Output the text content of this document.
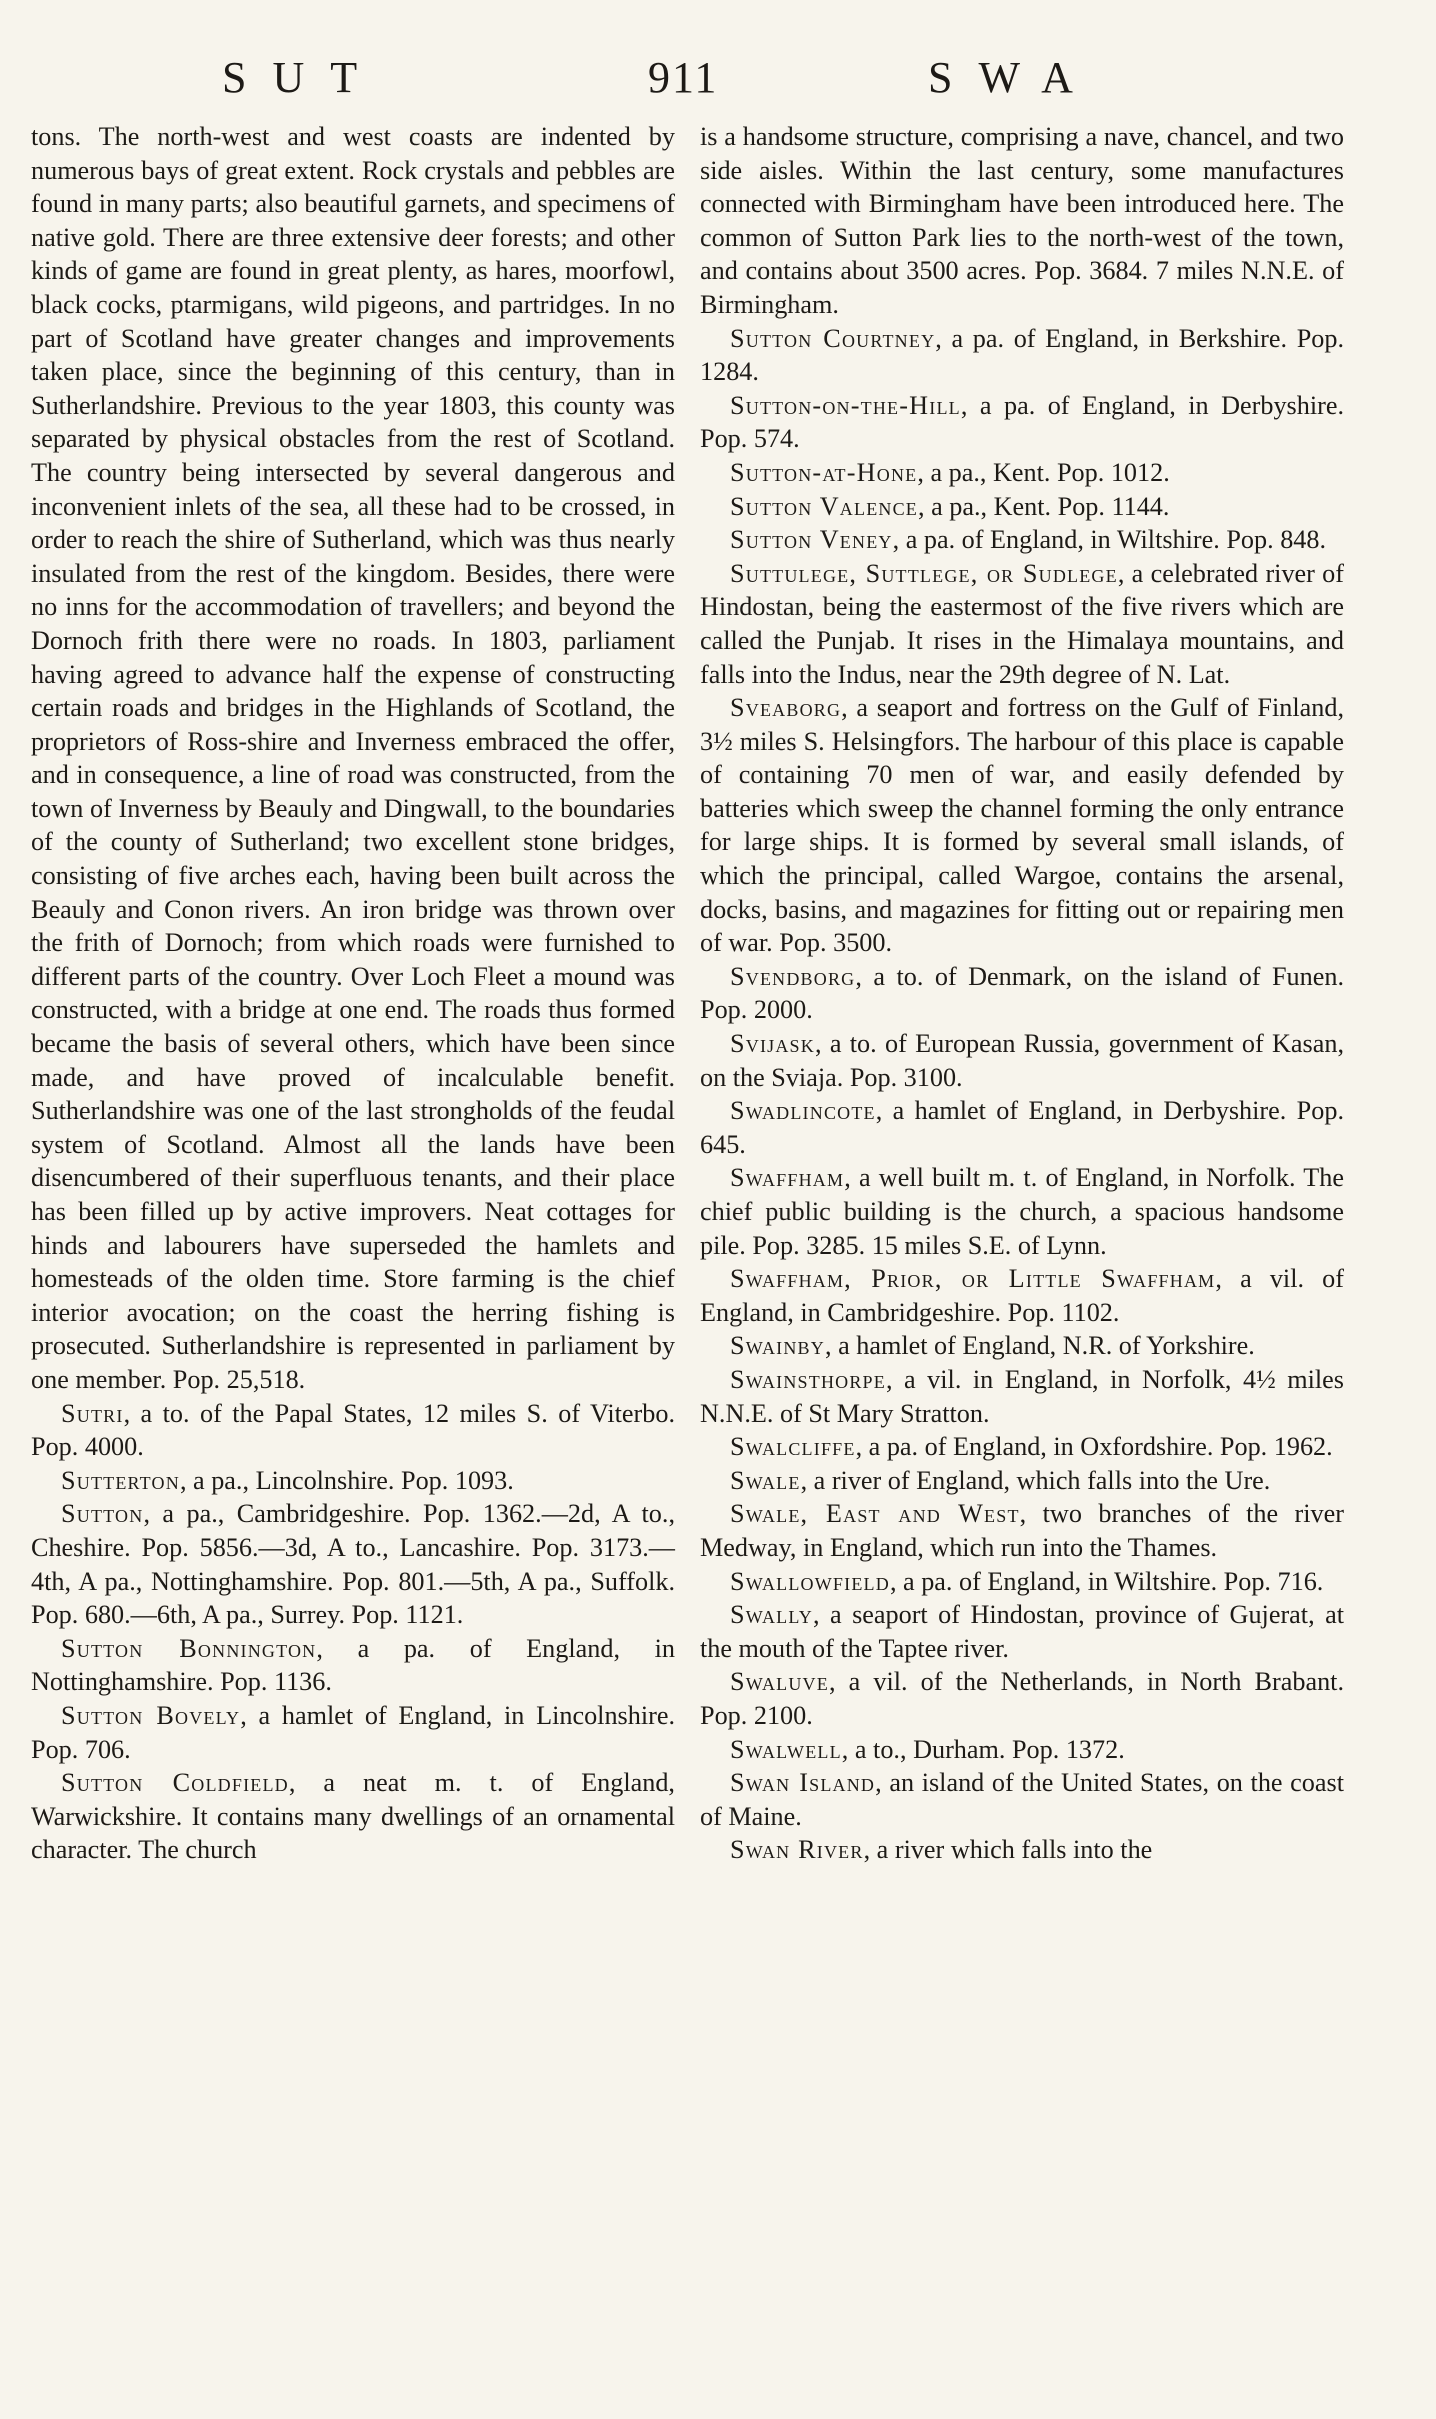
SUT	911	SWA

tons. The north-west and west coasts are indented by numerous bays of great extent. Rock crystals and pebbles are found in many parts; also beautiful garnets, and specimens of native gold. There are three extensive deer forests; and other kinds of game are found in great plenty, as hares, moorfowl, black cocks, ptarmigans, wild pigeons, and partridges. In no part of Scotland have greater changes and improvements taken place, since the beginning of this century, than in Sutherlandshire. Previous to the year 1803, this county was separated by physical obstacles from the rest of Scotland. The country being intersected by several dangerous and inconvenient inlets of the sea, all these had to be crossed, in order to reach the shire of Sutherland, which was thus nearly insulated from the rest of the kingdom. Besides, there were no inns for the accommodation of travellers; and beyond the Dornoch frith there were no roads. In 1803, parliament having agreed to advance half the expense of constructing certain roads and bridges in the Highlands of Scotland, the proprietors of Ross-shire and Inverness embraced the offer, and in consequence, a line of road was constructed, from the town of Inverness by Beauly and Dingwall, to the boundaries of the county of Sutherland; two excellent stone bridges, consisting of five arches each, having been built across the Beauly and Conon rivers. An iron bridge was thrown over the frith of Dornoch; from which roads were furnished to different parts of the country. Over Loch Fleet a mound was constructed, with a bridge at one end. The roads thus formed became the basis of several others, which have been since made, and have proved of incalculable benefit. Sutherlandshire was one of the last strongholds of the feudal system of Scotland. Almost all the lands have been disencumbered of their superfluous tenants, and their place has been filled up by active improvers. Neat cottages for hinds and labourers have superseded the hamlets and homesteads of the olden time. Store farming is the chief interior avocation; on the coast the herring fishing is prosecuted. Sutherlandshire is represented in parliament by one member. Pop. 25,518.

Sutri, a to. of the Papal States, 12 miles S. of Viterbo. Pop. 4000.

Sutterton, a pa., Lincolnshire. Pop. 1093.

Sutton, a pa., Cambridgeshire. Pop. 1362.—2d, A to., Cheshire. Pop. 5856.—3d, A to., Lancashire. Pop. 3173.—4th, A pa., Nottinghamshire. Pop. 801.—5th, A pa., Suffolk. Pop. 680.—6th, A pa., Surrey. Pop. 1121.

Sutton Bonnington, a pa. of England, in Nottinghamshire. Pop. 1136.

Sutton Bovely, a hamlet of England, in Lincolnshire. Pop. 706.

Sutton Coldfield, a neat m. t. of England, Warwickshire. It contains many dwellings of an ornamental character. The church

is a handsome structure, comprising a nave, chancel, and two side aisles. Within the last century, some manufactures connected with Birmingham have been introduced here. The common of Sutton Park lies to the north-west of the town, and contains about 3500 acres. Pop. 3684. 7 miles N.N.E. of Birmingham.

Sutton Courtney, a pa. of England, in Berkshire. Pop. 1284.

Sutton-on-the-Hill, a pa. of England, in Derbyshire. Pop. 574.

Sutton-at-Hone, a pa., Kent. Pop. 1012.

Sutton Valence, a pa., Kent. Pop. 1144.

Sutton Veney, a pa. of England, in Wiltshire. Pop. 848.

Suttulege, Suttlege, or Sudlege, a celebrated river of Hindostan, being the eastermost of the five rivers which are called the Punjab. It rises in the Himalaya mountains, and falls into the Indus, near the 29th degree of N. Lat.

Sveaborg, a seaport and fortress on the Gulf of Finland, 3½ miles S. Helsingfors. The harbour of this place is capable of containing 70 men of war, and easily defended by batteries which sweep the channel forming the only entrance for large ships. It is formed by several small islands, of which the principal, called Wargoe, contains the arsenal, docks, basins, and magazines for fitting out or repairing men of war. Pop. 3500.

Svendborg, a to. of Denmark, on the island of Funen. Pop. 2000.

Svijask, a to. of European Russia, government of Kasan, on the Sviaja. Pop. 3100.

Swadlincote, a hamlet of England, in Derbyshire. Pop. 645.

Swaffham, a well built m. t. of England, in Norfolk. The chief public building is the church, a spacious handsome pile. Pop. 3285. 15 miles S.E. of Lynn.

Swaffham, Prior, or Little Swaffham, a vil. of England, in Cambridgeshire. Pop. 1102.

Swainby, a hamlet of England, N.R. of Yorkshire.

Swainsthorpe, a vil. in England, in Norfolk, 4½ miles N.N.E. of St Mary Stratton.

Swalcliffe, a pa. of England, in Oxfordshire. Pop. 1962.

Swale, a river of England, which falls into the Ure.

Swale, East and West, two branches of the river Medway, in England, which run into the Thames.

Swallowfield, a pa. of England, in Wiltshire. Pop. 716.

Swally, a seaport of Hindostan, province of Gujerat, at the mouth of the Taptee river.

Swaluve, a vil. of the Netherlands, in North Brabant. Pop. 2100.

Swalwell, a to., Durham. Pop. 1372.

Swan Island, an island of the United States, on the coast of Maine.

Swan River, a river which falls into the
